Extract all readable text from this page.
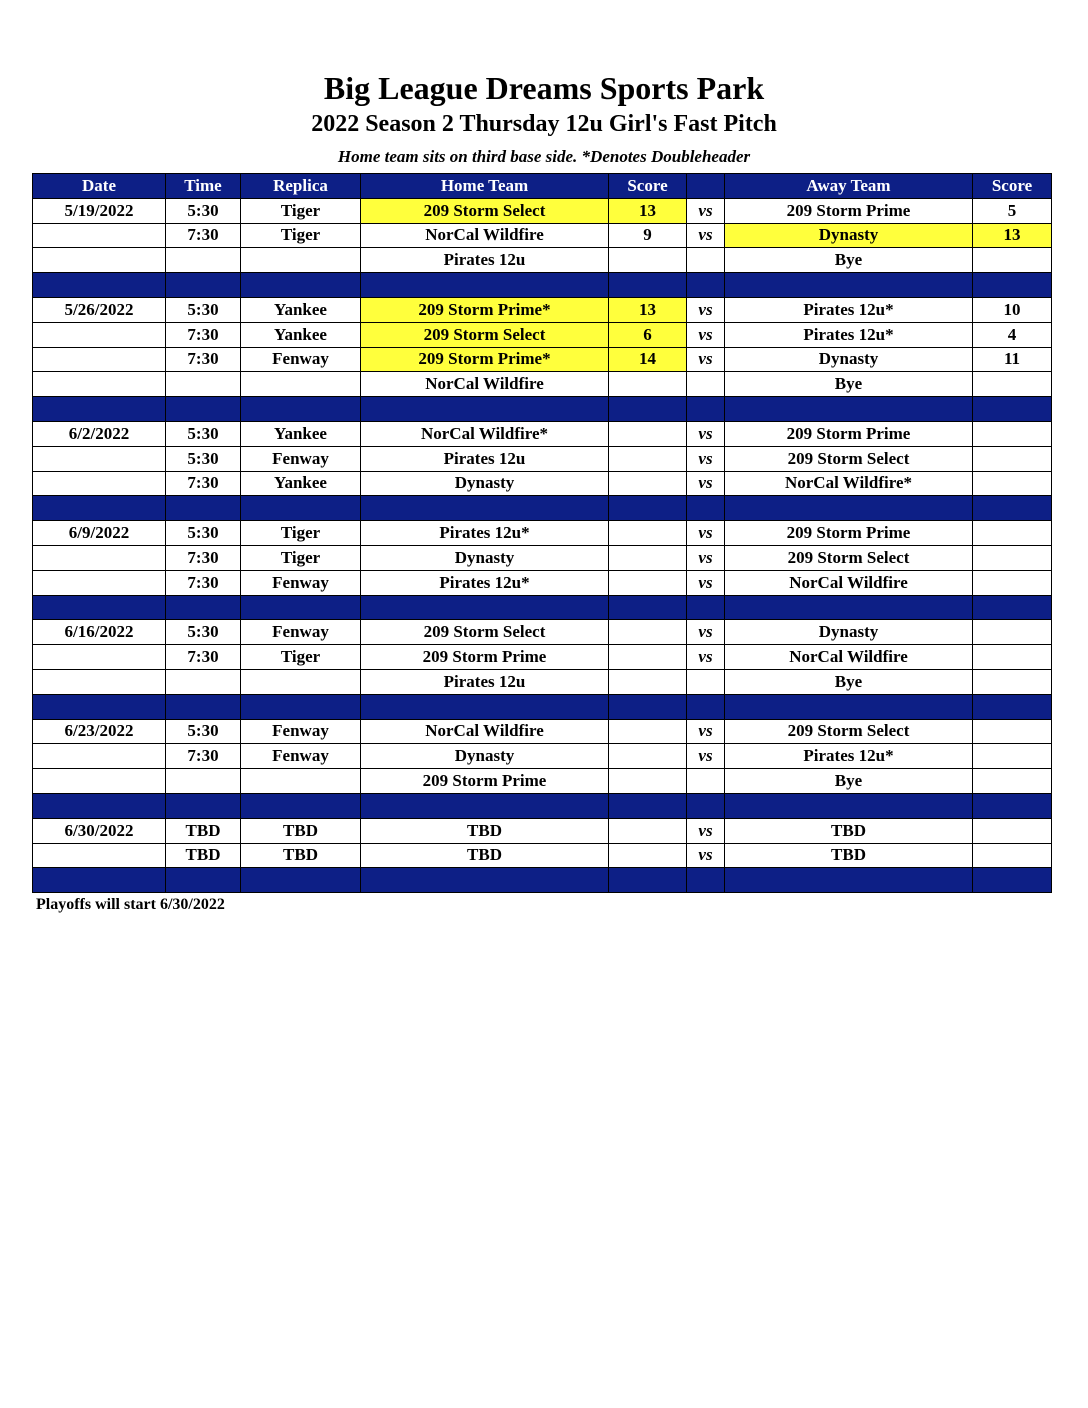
Big League Dreams Sports Park
2022 Season 2 Thursday 12u Girl's Fast Pitch
Home team sits on third base side. *Denotes Doubleheader
Date	Time	Replica	Home Team	Score		Away Team	Score
5/19/2022	5:30	Tiger	209 Storm Select	13	vs	209 Storm Prime	5
	7:30	Tiger	NorCal Wildfire	9	vs	Dynasty	13
			Pirates 12u			Bye	

5/26/2022	5:30	Yankee	209 Storm Prime*	13	vs	Pirates 12u*	10
	7:30	Yankee	209 Storm Select	6	vs	Pirates 12u*	4
	7:30	Fenway	209 Storm Prime*	14	vs	Dynasty	11
			NorCal Wildfire			Bye	

6/2/2022	5:30	Yankee	NorCal Wildfire*		vs	209 Storm Prime	
	5:30	Fenway	Pirates 12u		vs	209 Storm Select	
	7:30	Yankee	Dynasty		vs	NorCal Wildfire*	

6/9/2022	5:30	Tiger	Pirates 12u*		vs	209 Storm Prime	
	7:30	Tiger	Dynasty		vs	209 Storm Select	
	7:30	Fenway	Pirates 12u*		vs	NorCal Wildfire	

6/16/2022	5:30	Fenway	209 Storm Select		vs	Dynasty	
	7:30	Tiger	209 Storm Prime		vs	NorCal Wildfire	
			Pirates 12u			Bye	

6/23/2022	5:30	Fenway	NorCal Wildfire		vs	209 Storm Select	
	7:30	Fenway	Dynasty		vs	Pirates 12u*	
			209 Storm Prime			Bye	

6/30/2022	TBD	TBD	TBD		vs	TBD	
	TBD	TBD	TBD		vs	TBD	

Playoffs will start 6/30/2022
